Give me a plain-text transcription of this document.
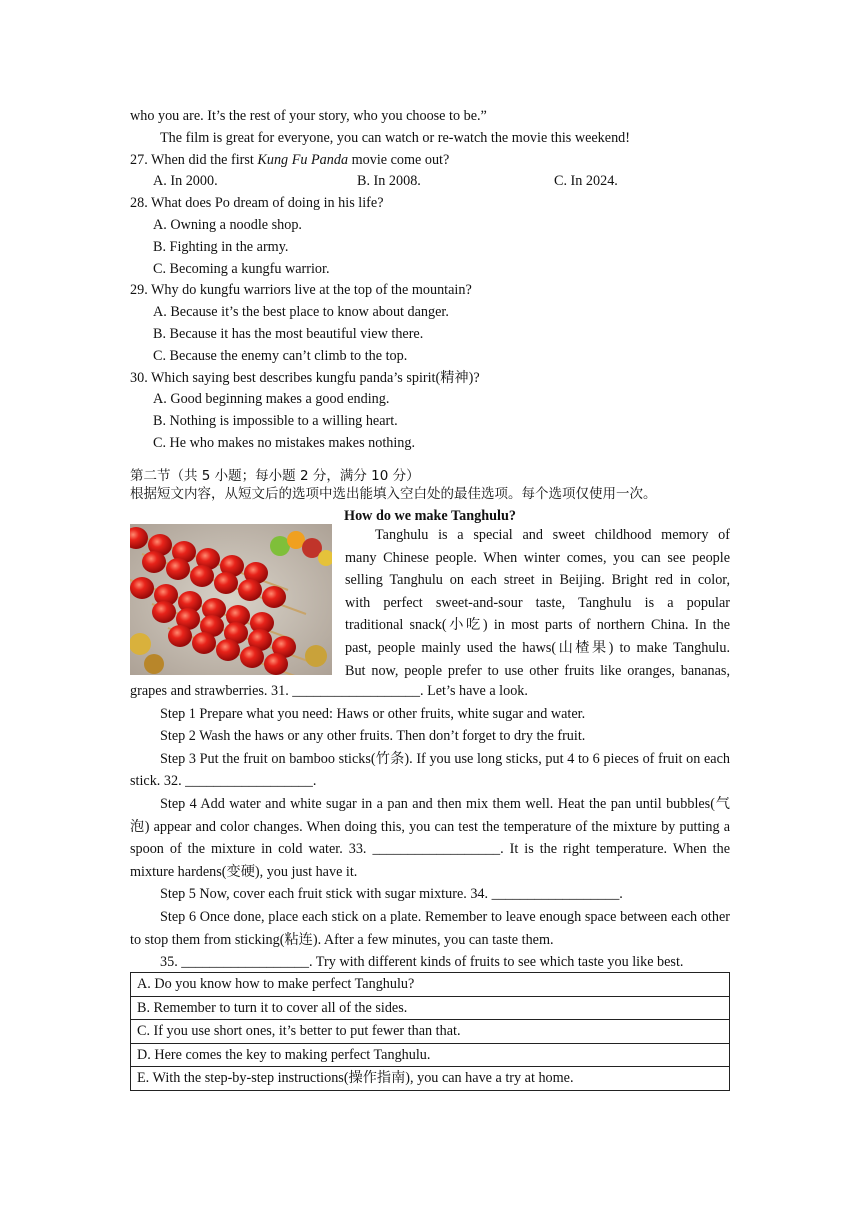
who you are. It’s the rest of your story, who you choose to be.”
The film is great for everyone, you can watch or re-watch the movie this weekend!
27. When did the first Kung Fu Panda movie come out?
A. In 2000.	B. In 2008.	C. In 2024.
28. What does Po dream of doing in his life?
A. Owning a noodle shop.
B. Fighting in the army.
C. Becoming a kungfu warrior.
29. Why do kungfu warriors live at the top of the mountain?
A. Because it’s the best place to know about danger.
B. Because it has the most beautiful view there.
C. Because the enemy can’t climb to the top.
30. Which saying best describes kungfu panda’s spirit(精神)?
A. Good beginning makes a good ending.
B. Nothing is impossible to a willing heart.
C. He who makes no mistakes makes nothing.
第二节（共 5 小题；每小题 2 分，满分 10 分）
根据短文内容，从短文后的选项中选出能填入空白处的最佳选项。每个选项仅使用一次。
How do we make Tanghulu?
Tanghulu is a special and sweet childhood memory of
many Chinese people. When winter comes, you can see people
selling Tanghulu on each street in Beijing. Bright red in color,
with perfect sweet-and-sour taste, Tanghulu is a popular
traditional snack(小吃) in most parts of northern China. In the
past, people mainly used the haws(山楂果) to make Tanghulu.
But now, people prefer to use other fruits like oranges, bananas,
grapes and strawberries. 31. __________________. Let’s have a look.
Step 1 Prepare what you need: Haws or other fruits, white sugar and water.
Step 2 Wash the haws or any other fruits. Then don’t forget to dry the fruit.
Step 3 Put the fruit on bamboo sticks(竹条). If you use long sticks, put 4 to 6 pieces of fruit on each stick. 32. __________________.
Step 4 Add water and white sugar in a pan and then mix them well. Heat the pan until bubbles(气泡) appear and color changes. When doing this, you can test the temperature of the mixture by putting a spoon of the mixture in cold water. 33. __________________. It is the right temperature. When the mixture hardens(变硬), you just have it.
Step 5 Now, cover each fruit stick with sugar mixture. 34. __________________.
Step 6 Once done, place each stick on a plate. Remember to leave enough space between each other to stop them from sticking(粘连). After a few minutes, you can taste them.
35. __________________. Try with different kinds of fruits to see which taste you like best.
A. Do you know how to make perfect Tanghulu?
B. Remember to turn it to cover all of the sides.
C. If you use short ones, it’s better to put fewer than that.
D. Here comes the key to making perfect Tanghulu.
E. With the step-by-step instructions(操作指南), you can have a try at home.
